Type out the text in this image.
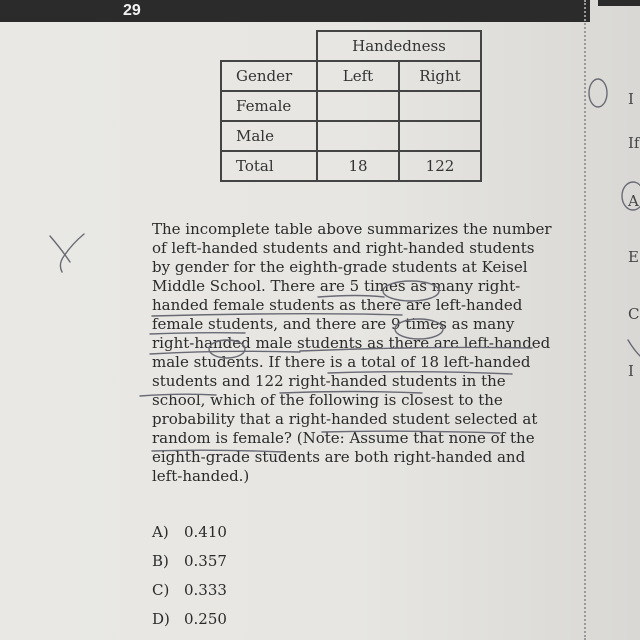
29
	Handedness	
Gender	Left	Right
Female		
Male		
Total	18	122
The incomplete table above summarizes the number of left-handed students and right-handed students by gender for the eighth-grade students at Keisel Middle School. There are 5 times as many right-handed female students as there are left-handed female students, and there are 9 times as many right-handed male students as there are left-handed male students. If there is a total of 18 left-handed students and 122 right-handed students in the school, which of the following is closest to the probability that a right-handed student selected at random is female? (Note: Assume that none of the eighth-grade students are both right-handed and left-handed.)
A) 0.410
B) 0.357
C) 0.333
D) 0.250
I
If
A
E
C
I
